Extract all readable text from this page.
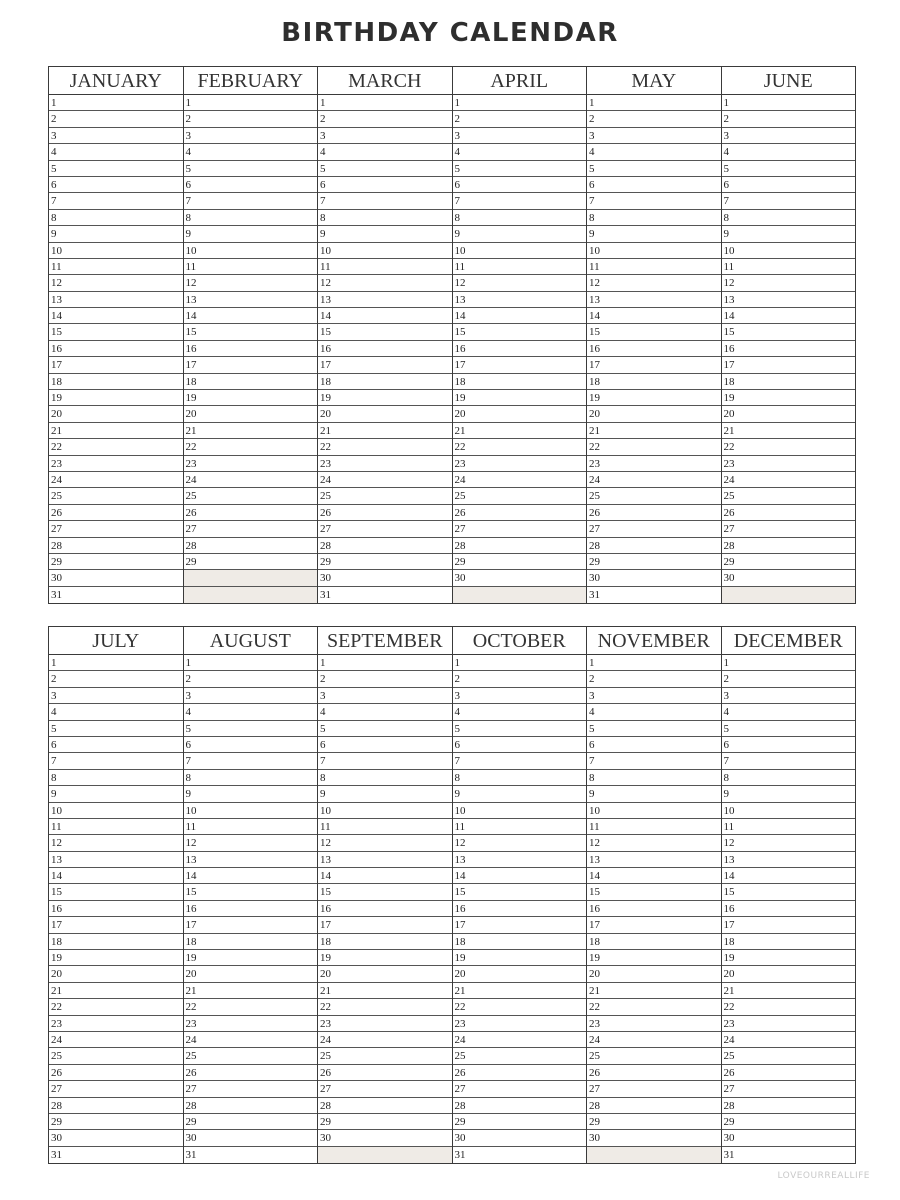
BIRTHDAY CALENDAR
JANUARY
1
2
3
4
5
6
7
8
9
10
11
12
13
14
15
16
17
18
19
20
21
22
23
24
25
26
27
28
29
30
31
FEBRUARY
1
2
3
4
5
6
7
8
9
10
11
12
13
14
15
16
17
18
19
20
21
22
23
24
25
26
27
28
29
MARCH
1
2
3
4
5
6
7
8
9
10
11
12
13
14
15
16
17
18
19
20
21
22
23
24
25
26
27
28
29
30
31
APRIL
1
2
3
4
5
6
7
8
9
10
11
12
13
14
15
16
17
18
19
20
21
22
23
24
25
26
27
28
29
30
MAY
1
2
3
4
5
6
7
8
9
10
11
12
13
14
15
16
17
18
19
20
21
22
23
24
25
26
27
28
29
30
31
JUNE
1
2
3
4
5
6
7
8
9
10
11
12
13
14
15
16
17
18
19
20
21
22
23
24
25
26
27
28
29
30
JULY
1
2
3
4
5
6
7
8
9
10
11
12
13
14
15
16
17
18
19
20
21
22
23
24
25
26
27
28
29
30
31
AUGUST
1
2
3
4
5
6
7
8
9
10
11
12
13
14
15
16
17
18
19
20
21
22
23
24
25
26
27
28
29
30
31
SEPTEMBER
1
2
3
4
5
6
7
8
9
10
11
12
13
14
15
16
17
18
19
20
21
22
23
24
25
26
27
28
29
30
OCTOBER
1
2
3
4
5
6
7
8
9
10
11
12
13
14
15
16
17
18
19
20
21
22
23
24
25
26
27
28
29
30
31
NOVEMBER
1
2
3
4
5
6
7
8
9
10
11
12
13
14
15
16
17
18
19
20
21
22
23
24
25
26
27
28
29
30
DECEMBER
1
2
3
4
5
6
7
8
9
10
11
12
13
14
15
16
17
18
19
20
21
22
23
24
25
26
27
28
29
30
31
LOVEOURREALLIFE
